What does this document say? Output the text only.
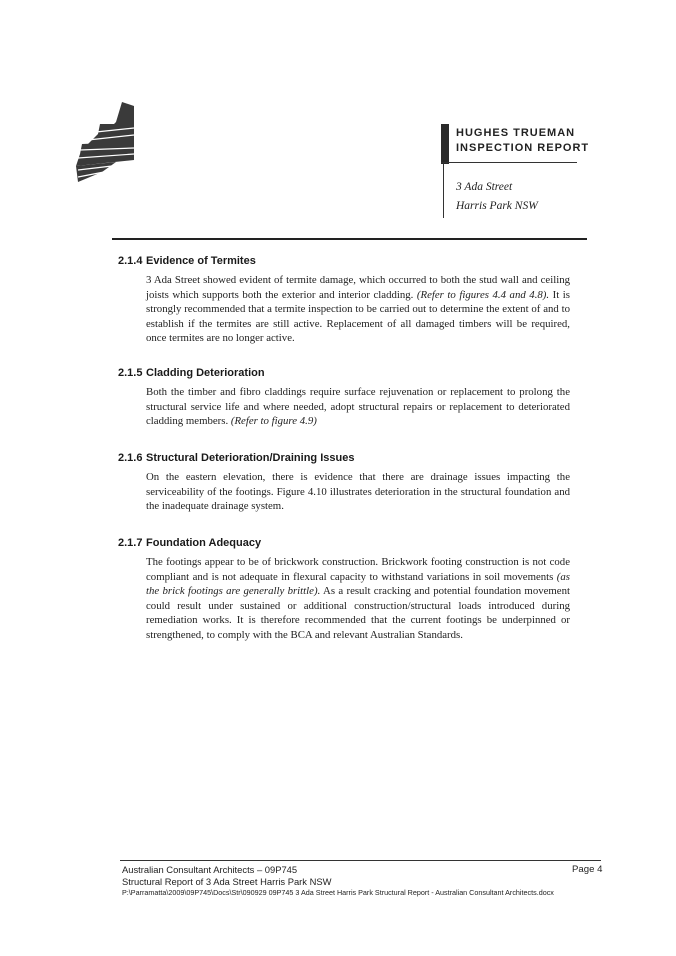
HUGHES TRUEMAN
INSPECTION REPORT
3 Ada Street
Harris Park NSW
2.1.4 Evidence of Termites

3 Ada Street showed evident of termite damage, which occurred to both the stud wall and ceiling joists which supports both the exterior and interior cladding. (Refer to figures 4.4 and 4.8). It is strongly recommended that a termite inspection to be carried out to determine the extent of and to establish if the termites are still active. Replacement of all damaged timbers will be required, once termites are no longer active.

2.1.5 Cladding Deterioration

Both the timber and fibro claddings require surface rejuvenation or replacement to prolong the structural service life and where needed, adopt structural repairs or replacement to deteriorated cladding members. (Refer to figure 4.9)

2.1.6 Structural Deterioration/Draining Issues

On the eastern elevation, there is evidence that there are drainage issues impacting the serviceability of the footings. Figure 4.10 illustrates deterioration in the structural foundation and the inadequate drainage system.

2.1.7 Foundation Adequacy

The footings appear to be of brickwork construction. Brickwork footing construction is not code compliant and is not adequate in flexural capacity to withstand variations in soil movements (as the brick footings are generally brittle). As a result cracking and potential foundation movement could result under sustained or additional construction/structural loads introduced during remediation works. It is therefore recommended that the current footings be underpinned or strengthened, to comply with the BCA and relevant Australian Standards.

Australian Consultant Architects – 09P745
Structural Report of 3 Ada Street Harris Park NSW
P:\Parramatta\2009\09P745\Docs\Str\090929 09P745 3 Ada Street Harris Park Structural Report - Australian Consultant Architects.docx
Page 4
